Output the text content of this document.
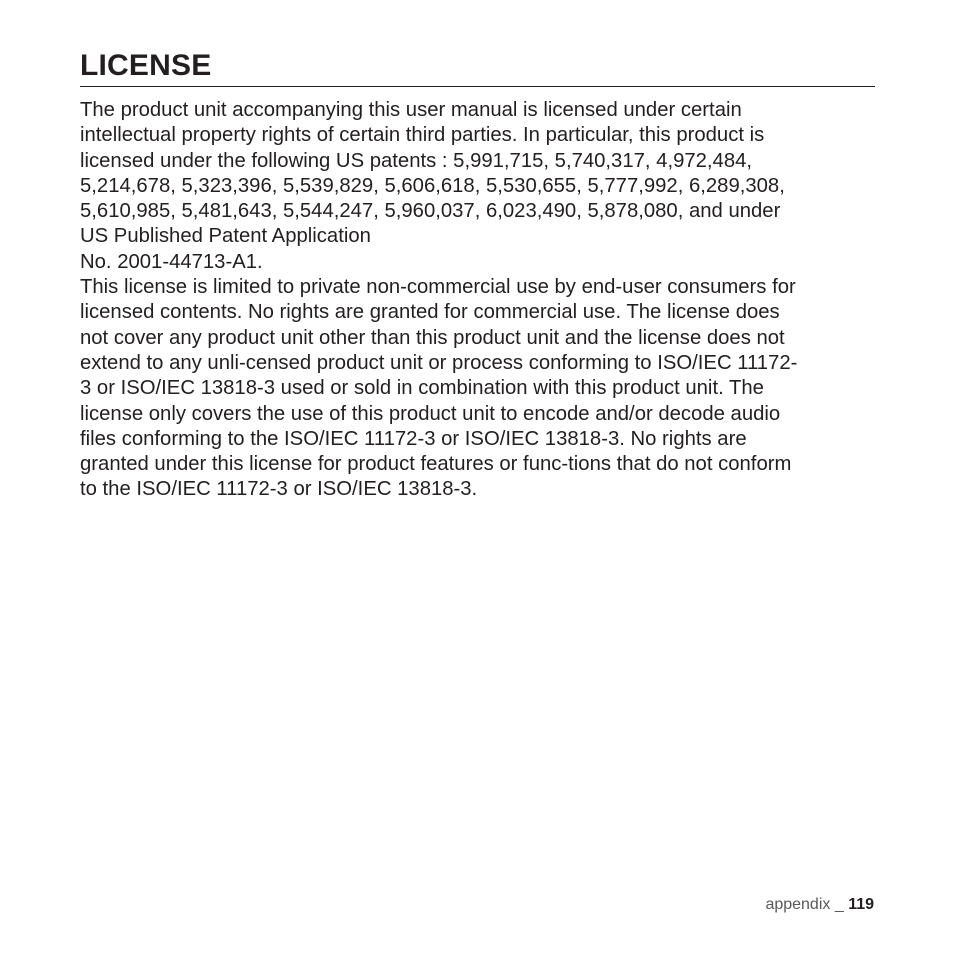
LICENSE

The product unit accompanying this user manual is licensed under certain

intellectual property rights of certain third parties. In particular, this product is

licensed under the following US patents : 5,991,715, 5,740,317, 4,972,484,

5,214,678, 5,323,396, 5,539,829, 5,606,618, 5,530,655, 5,777,992, 6,289,308,

5,610,985, 5,481,643, 5,544,247, 5,960,037, 6,023,490, 5,878,080, and under

US Published Patent Application

No. 2001-44713-A1.

This license is limited to private non-commercial use by end-user consumers for

licensed contents. No rights are granted for commercial use. The license does

not cover any product unit other than this product unit and the license does not

extend to any unli-censed product unit or process conforming to ISO/IEC 11172-

3 or ISO/IEC 13818-3 used or sold in combination with this product unit. The

license only covers the use of this product unit to encode and/or decode audio

files conforming to the ISO/IEC 11172-3 or ISO/IEC 13818-3. No rights are

granted under this license for product features or func-tions that do not conform

to the ISO/IEC 11172-3 or ISO/IEC 13818-3.

appendix _ 119
